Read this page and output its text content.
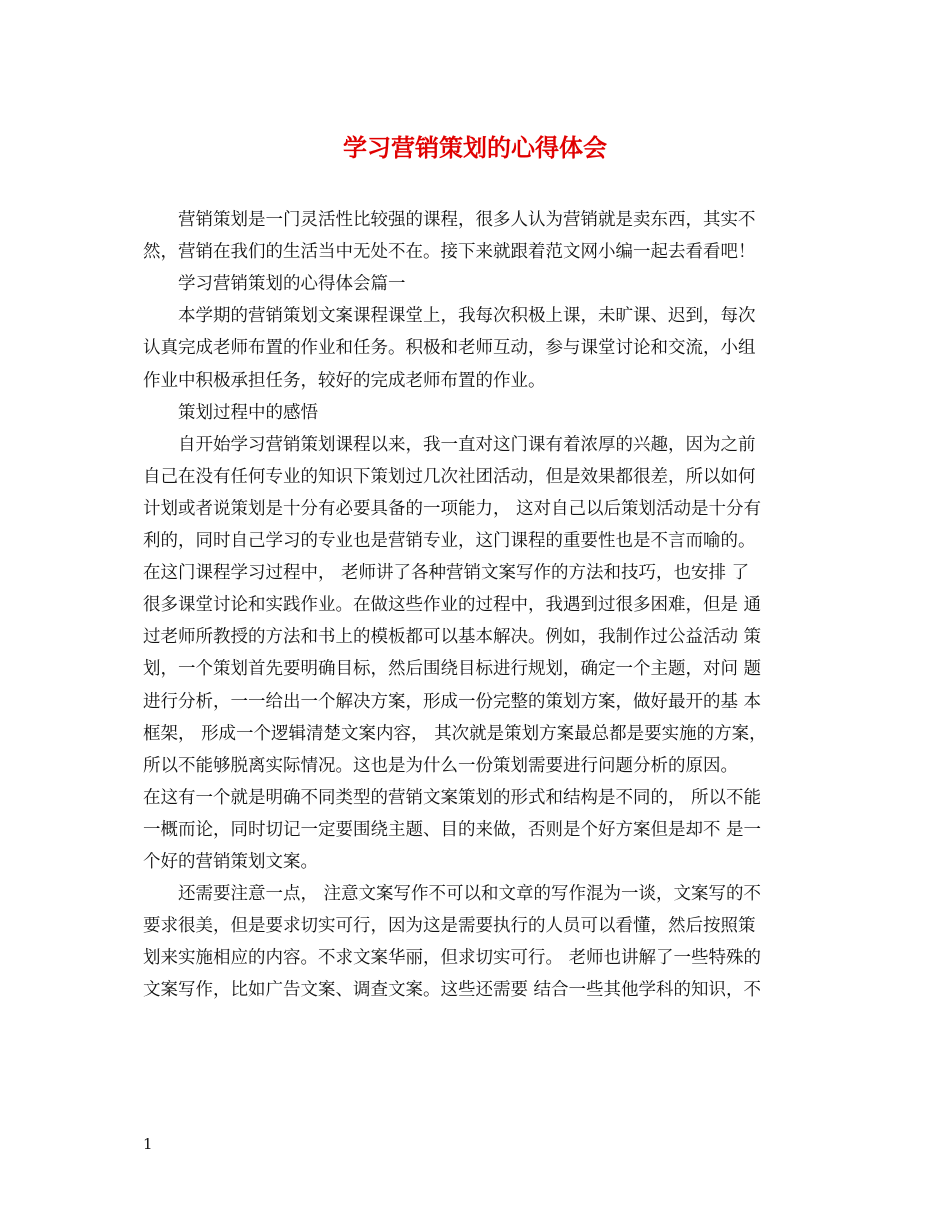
学习营销策划的心得体会
　　营销策划是一门灵活性比较强的课程，很多人认为营销就是卖东西，其实不
然，营销在我们的生活当中无处不在。接下来就跟着范文网小编一起去看看吧！
　　学习营销策划的心得体会篇一
　　本学期的营销策划文案课程课堂上，我每次积极上课，未旷课、迟到，每次
认真完成老师布置的作业和任务。积极和老师互动，参与课堂讨论和交流，小组
作业中积极承担任务，较好的完成老师布置的作业。
　　策划过程中的感悟
　　自开始学习营销策划课程以来，我一直对这门课有着浓厚的兴趣，因为之前
自己在没有任何专业的知识下策划过几次社团活动，但是效果都很差，所以如何
计划或者说策划是十分有必要具备的一项能力， 这对自己以后策划活动是十分有
利的，同时自己学习的专业也是营销专业，这门课程的重要性也是不言而喻的。
在这门课程学习过程中， 老师讲了各种营销文案写作的方法和技巧，也安排 了
很多课堂讨论和实践作业。在做这些作业的过程中，我遇到过很多困难，但是 通
过老师所教授的方法和书上的模板都可以基本解决。例如，我制作过公益活动 策
划，一个策划首先要明确目标，然后围绕目标进行规划，确定一个主题，对问 题
进行分析，一一给出一个解决方案，形成一份完整的策划方案，做好最开的基 本
框架， 形成一个逻辑清楚文案内容， 其次就是策划方案最总都是要实施的方案，
所以不能够脱离实际情况。这也是为什么一份策划需要进行问题分析的原因。
在这有一个就是明确不同类型的营销文案策划的形式和结构是不同的， 所以不能
一概而论，同时切记一定要围绕主题、目的来做，否则是个好方案但是却不 是一
个好的营销策划文案。
　　还需要注意一点， 注意文案写作不可以和文章的写作混为一谈，文案写的不
要求很美，但是要求切实可行，因为这是需要执行的人员可以看懂，然后按照策
划来实施相应的内容。不求文案华丽，但求切实可行。 老师也讲解了一些特殊的
文案写作，比如广告文案、调查文案。这些还需要 结合一些其他学科的知识，不
1
